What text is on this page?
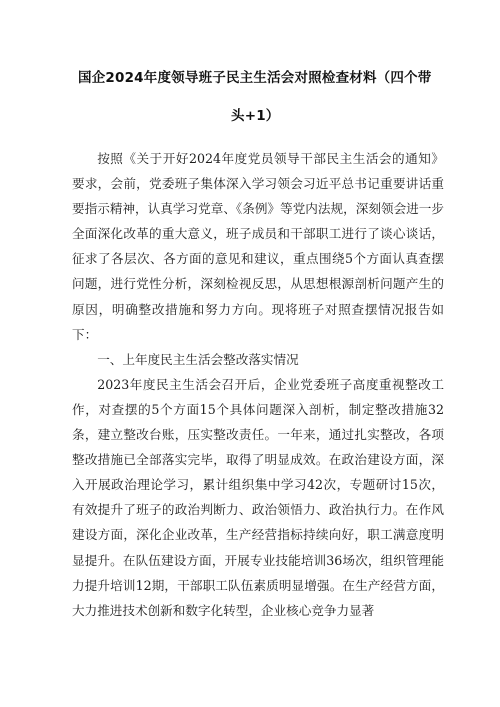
国企2024年度领导班子民主生活会对照检查材料（四个带
头+1）

按照《关于开好2024年度党员领导干部民主生活会的通知》要求，会前，党委班子集体深入学习领会习近平总书记重要讲话重要指示精神，认真学习党章、《条例》等党内法规，深刻领会进一步全面深化改革的重大意义，班子成员和干部职工进行了谈心谈话，征求了各层次、各方面的意见和建议，重点围绕5个方面认真查摆问题，进行党性分析，深刻检视反思，从思想根源剖析问题产生的原因，明确整改措施和努力方向。现将班子对照查摆情况报告如下：

一、上年度民主生活会整改落实情况

2023年度民主生活会召开后，企业党委班子高度重视整改工作，对查摆的5个方面15个具体问题深入剖析，制定整改措施32条，建立整改台账，压实整改责任。一年来，通过扎实整改，各项整改措施已全部落实完毕，取得了明显成效。在政治建设方面，深入开展政治理论学习，累计组织集中学习42次，专题研讨15次，有效提升了班子的政治判断力、政治领悟力、政治执行力。在作风建设方面，深化企业改革，生产经营指标持续向好，职工满意度明显提升。在队伍建设方面，开展专业技能培训36场次，组织管理能力提升培训12期，干部职工队伍素质明显增强。在生产经营方面，大力推进技术创新和数字化转型，企业核心竞争力显著
